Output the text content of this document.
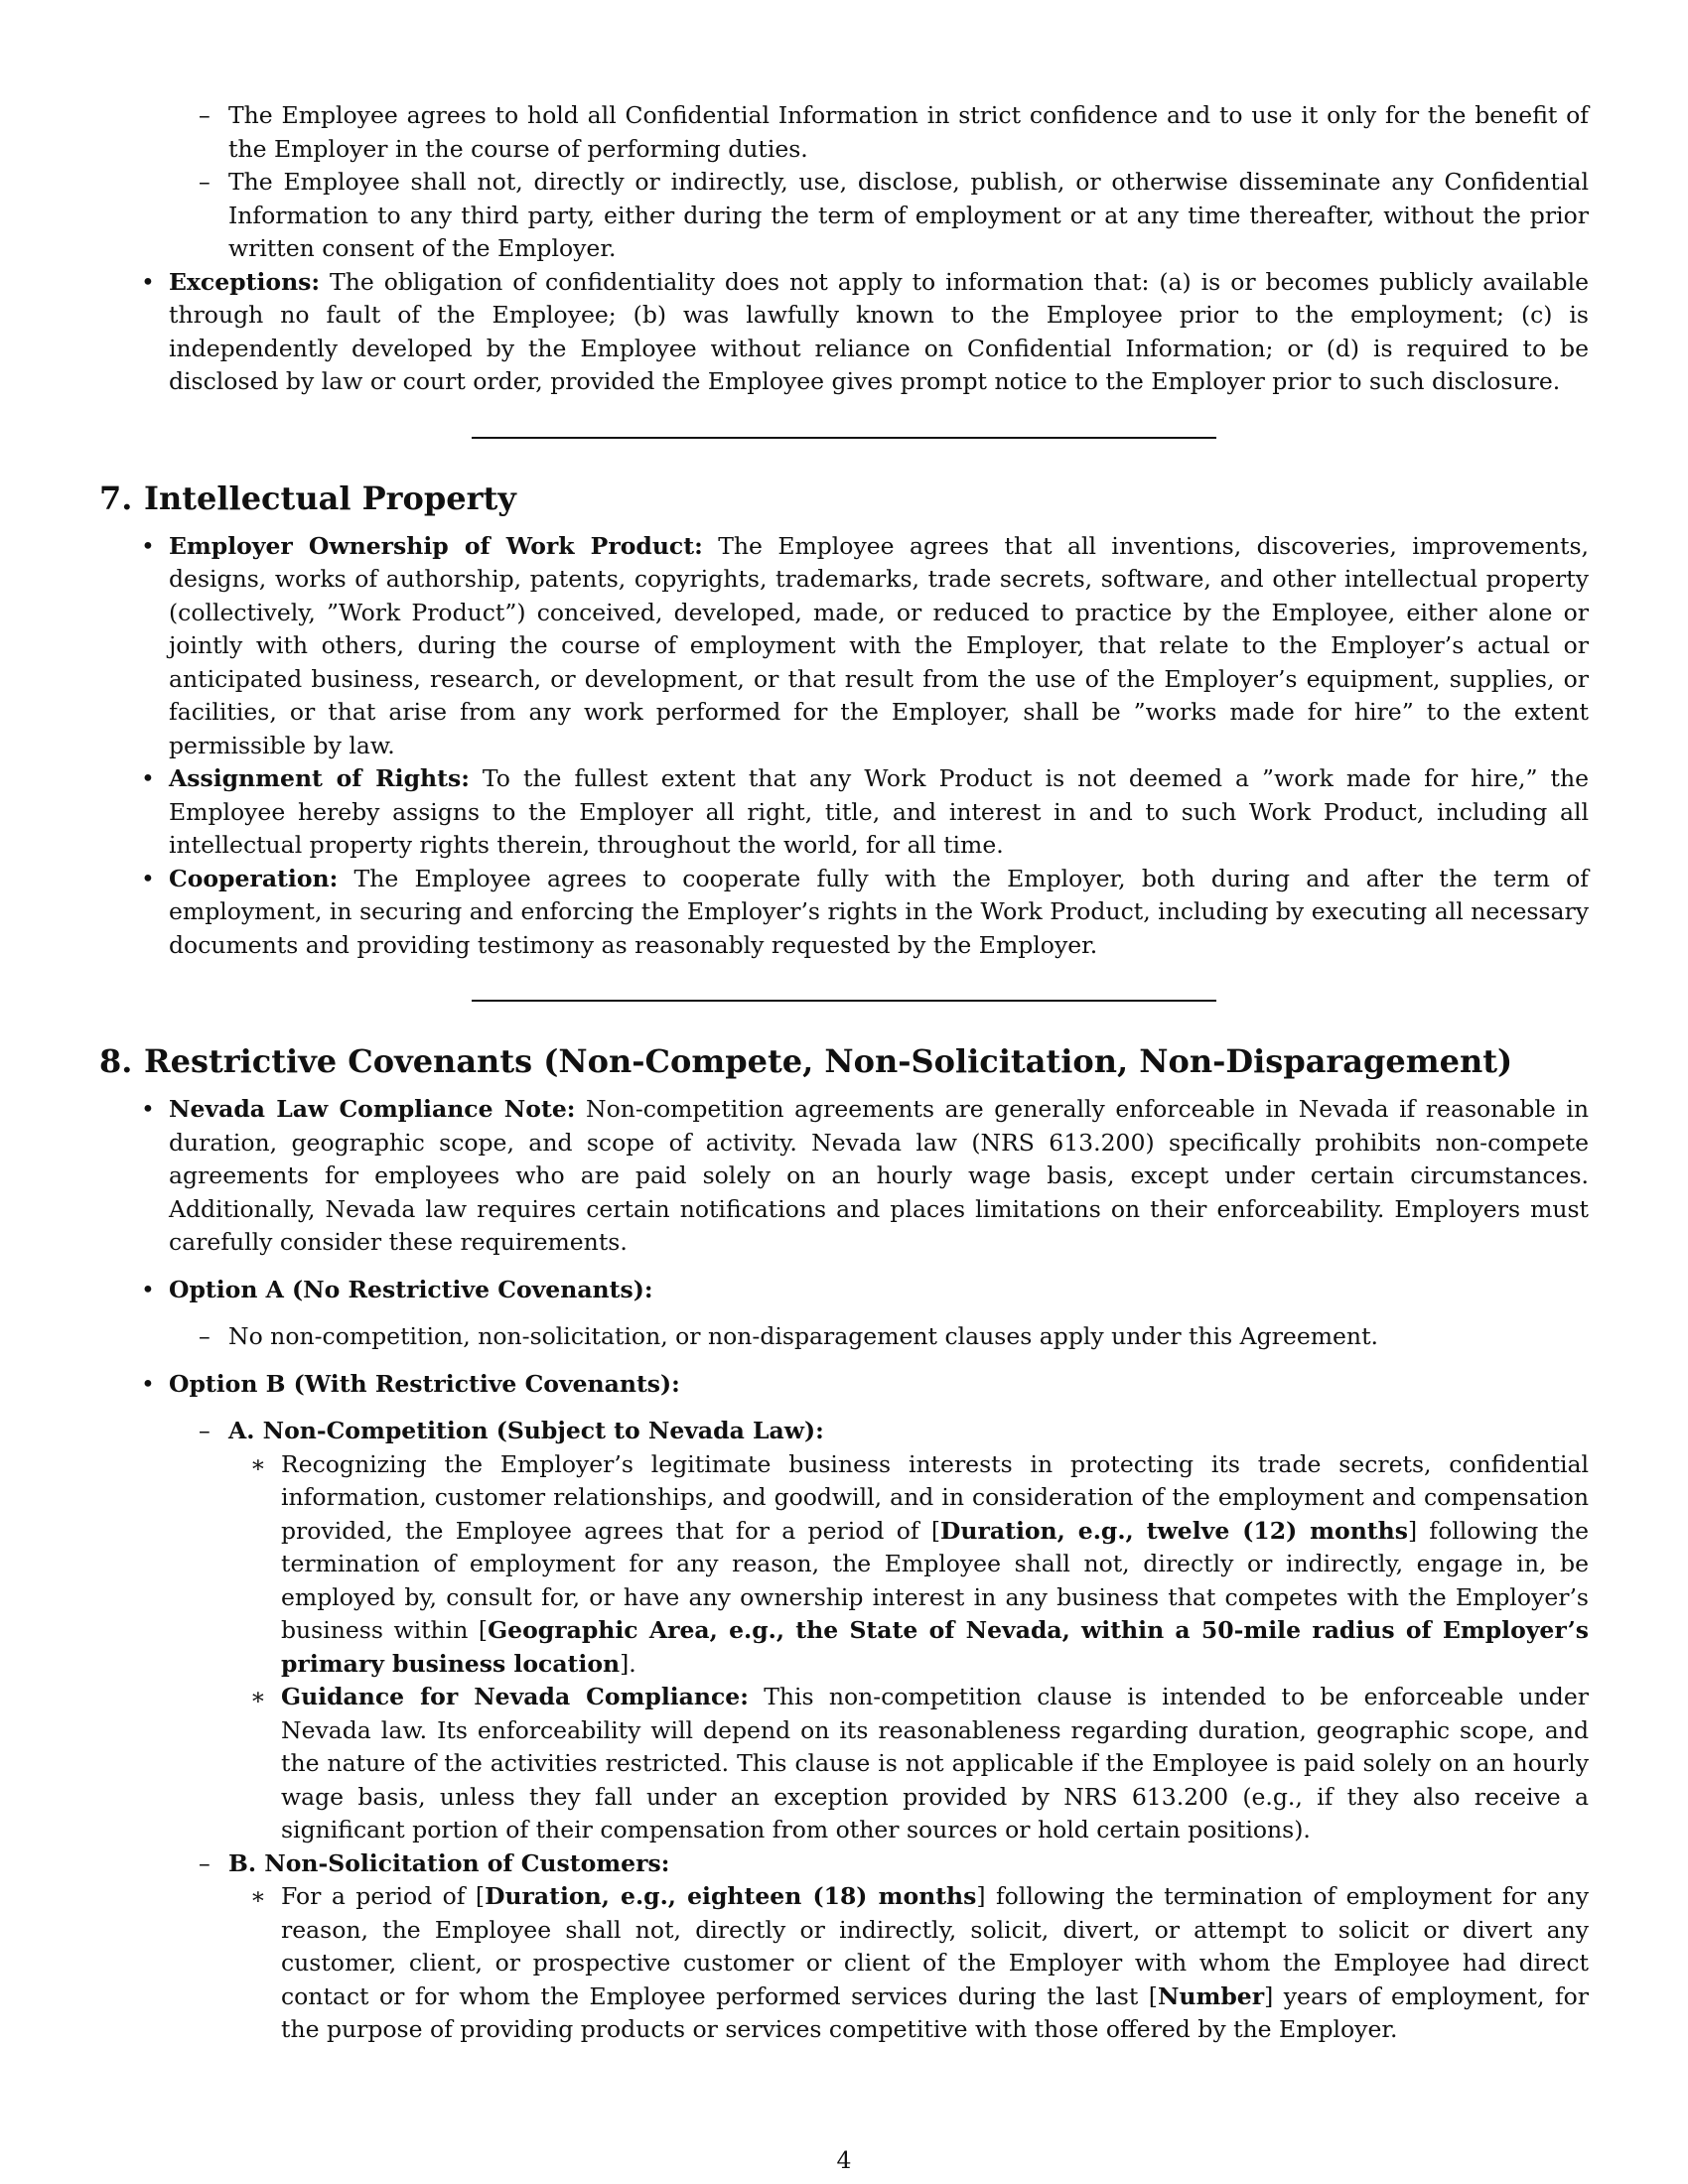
– The Employee agrees to hold all Confidential Information in strict confidence and to use it only for the benefit of the Employer in the course of performing duties.

– The Employee shall not, directly or indirectly, use, disclose, publish, or otherwise disseminate any Confidential Information to any third party, either during the term of employment or at any time thereafter, without the prior written consent of the Employer.

• Exceptions: The obligation of confidentiality does not apply to information that: (a) is or becomes publicly available through no fault of the Employee; (b) was lawfully known to the Employee prior to the employment; (c) is independently developed by the Employee without reliance on Confidential Information; or (d) is required to be disclosed by law or court order, provided the Employee gives prompt notice to the Employer prior to such disclosure.

7. Intellectual Property

• Employer Ownership of Work Product: The Employee agrees that all inventions, discoveries, improvements, designs, works of authorship, patents, copyrights, trademarks, trade secrets, software, and other intellectual property (collectively, ”Work Product”) conceived, developed, made, or reduced to practice by the Employee, either alone or jointly with others, during the course of employment with the Employer, that relate to the Employer’s actual or anticipated business, research, or development, or that result from the use of the Employer’s equipment, supplies, or facilities, or that arise from any work performed for the Employer, shall be ”works made for hire” to the extent permissible by law.

• Assignment of Rights: To the fullest extent that any Work Product is not deemed a ”work made for hire,” the Employee hereby assigns to the Employer all right, title, and interest in and to such Work Product, including all intellectual property rights therein, throughout the world, for all time.

• Cooperation: The Employee agrees to cooperate fully with the Employer, both during and after the term of employment, in securing and enforcing the Employer’s rights in the Work Product, including by executing all necessary documents and providing testimony as reasonably requested by the Employer.

8. Restrictive Covenants (Non-Compete, Non-Solicitation, Non-Disparagement)

• Nevada Law Compliance Note: Non-competition agreements are generally enforceable in Nevada if reasonable in duration, geographic scope, and scope of activity. Nevada law (NRS 613.200) specifically prohibits non-compete agreements for employees who are paid solely on an hourly wage basis, except under certain circumstances. Additionally, Nevada law requires certain notifications and places limitations on their enforceability. Employers must carefully consider these requirements.

• Option A (No Restrictive Covenants):

– No non-competition, non-solicitation, or non-disparagement clauses apply under this Agreement.

• Option B (With Restrictive Covenants):

– A. Non-Competition (Subject to Nevada Law):

∗ Recognizing the Employer’s legitimate business interests in protecting its trade secrets, confidential information, customer relationships, and goodwill, and in consideration of the employment and compensation provided, the Employee agrees that for a period of [Duration, e.g., twelve (12) months] following the termination of employment for any reason, the Employee shall not, directly or indirectly, engage in, be employed by, consult for, or have any ownership interest in any business that competes with the Employer’s business within [Geographic Area, e.g., the State of Nevada, within a 50-mile radius of Employer’s primary business location].

∗ Guidance for Nevada Compliance: This non-competition clause is intended to be enforceable under Nevada law. Its enforceability will depend on its reasonableness regarding duration, geographic scope, and the nature of the activities restricted. This clause is not applicable if the Employee is paid solely on an hourly wage basis, unless they fall under an exception provided by NRS 613.200 (e.g., if they also receive a significant portion of their compensation from other sources or hold certain positions).

– B. Non-Solicitation of Customers:

∗ For a period of [Duration, e.g., eighteen (18) months] following the termination of employment for any reason, the Employee shall not, directly or indirectly, solicit, divert, or attempt to solicit or divert any customer, client, or prospective customer or client of the Employer with whom the Employee had direct contact or for whom the Employee performed services during the last [Number] years of employment, for the purpose of providing products or services competitive with those offered by the Employer.

4
